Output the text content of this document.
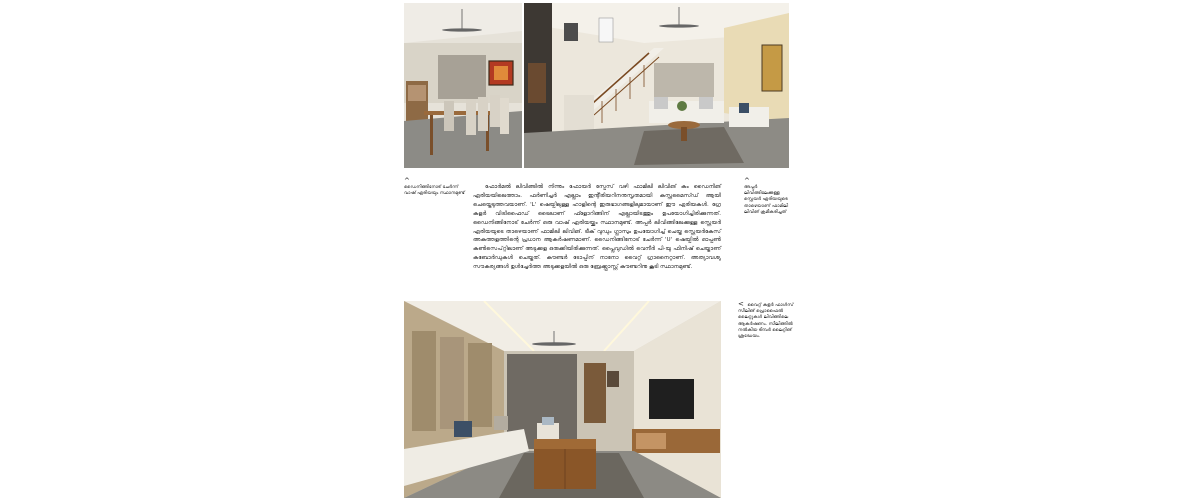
^

ഡൈനിങ്ങിനോട് ചേർന്ന് വാഷ് ഏരിയയും സ്ഥാനമുണ്ട്

^

അപ്പർ ലിവിങ്ങിലേക്കുള്ള സ്റ്റെയർ ഏരിയയുടെ താഴെയാണ് ഫാമിലി ലിവിങ് ക്രമീകരിച്ചത്

< വൈറ്റ് കളർ ഫാൾസ് സീലിങ് പ്രൊഫൈൽ ലൈറ്റുകൾ ലിവിങ്ങിലെ ആകർഷണം. സീലിങ്ങിൽ നൽകിയ ടിമ്പർ ലൈറ്റിങ് ശ്രദ്ധേയം.

ഫോർമൽ ലിവിങ്ങിൽ നിന്നും ഫോയർ സ്പേസ് വഴി ഫാമിലി ലിവിങ് കം ഡൈനിങ് ഏരിയയിലെത്താം. ഫർണിച്ചർ എല്ലാം ഇന്റീരിയറിനനുസൃതമായി കസ്റ്റമൈസ്ഡ് ആയി ചെയ്തെടുത്തവയാണ്. 'L' ഷെയ്പിലുള്ള ഹാളിന്റെ ഇരുഭാഗങ്ങളിലുമായാണ് ഈ ഏരിയകൾ. ഗ്രേ കളർ വിട്രിഫൈഡ് ടൈലാണ് ഫ്ളോറിങ്ങിന് എല്ലായിടത്തും ഉപയോഗിച്ചിരിക്കുന്നത്. ഡൈനിങ്ങിനോട് ചേർന്ന് ഒരു വാഷ് ഏരിയയ്ക്കും സ്ഥാനമുണ്ട്. അപ്പർ ലിവിങ്ങിലേക്കുള്ള സ്റ്റെയർ ഏരിയയുടെ താഴെയാണ് ഫാമിലി ലിവിങ്. ടീക് വുഡും ഗ്ലാസും ഉപയോഗിച്ച് ചെയ്ത സ്റ്റെയർകേസ് അകത്തളത്തിന്റെ പ്രധാന ആകർഷണമാണ്. ഡൈനിങ്ങിനോട് ചേർന്ന് 'U' ഷെയ്പിൽ ഓപ്പൺ കൺസെപ്റ്റിലാണ് അടുക്കള ഒരുക്കിയിരിക്കുന്നത്. പ്ലൈവുഡിൽ വെനീർ പി-യു ഫിനിഷ് ചെയ്താണ് കബോർഡുകൾ ചെയ്തത്. കൗണ്ടർ ടോപ്പിന് നാനോ വൈറ്റ് ഗ്രാനൈറ്റാണ്. അത്യാവശ്യ സൗകര്യങ്ങൾ ഉൾച്ചേർത്ത അടുക്കളയിൽ ഒരു ബ്രേക്ക്ഫാസ്റ്റ് കൗണ്ടറിനു കൂടി സ്ഥാനമുണ്ട്.
